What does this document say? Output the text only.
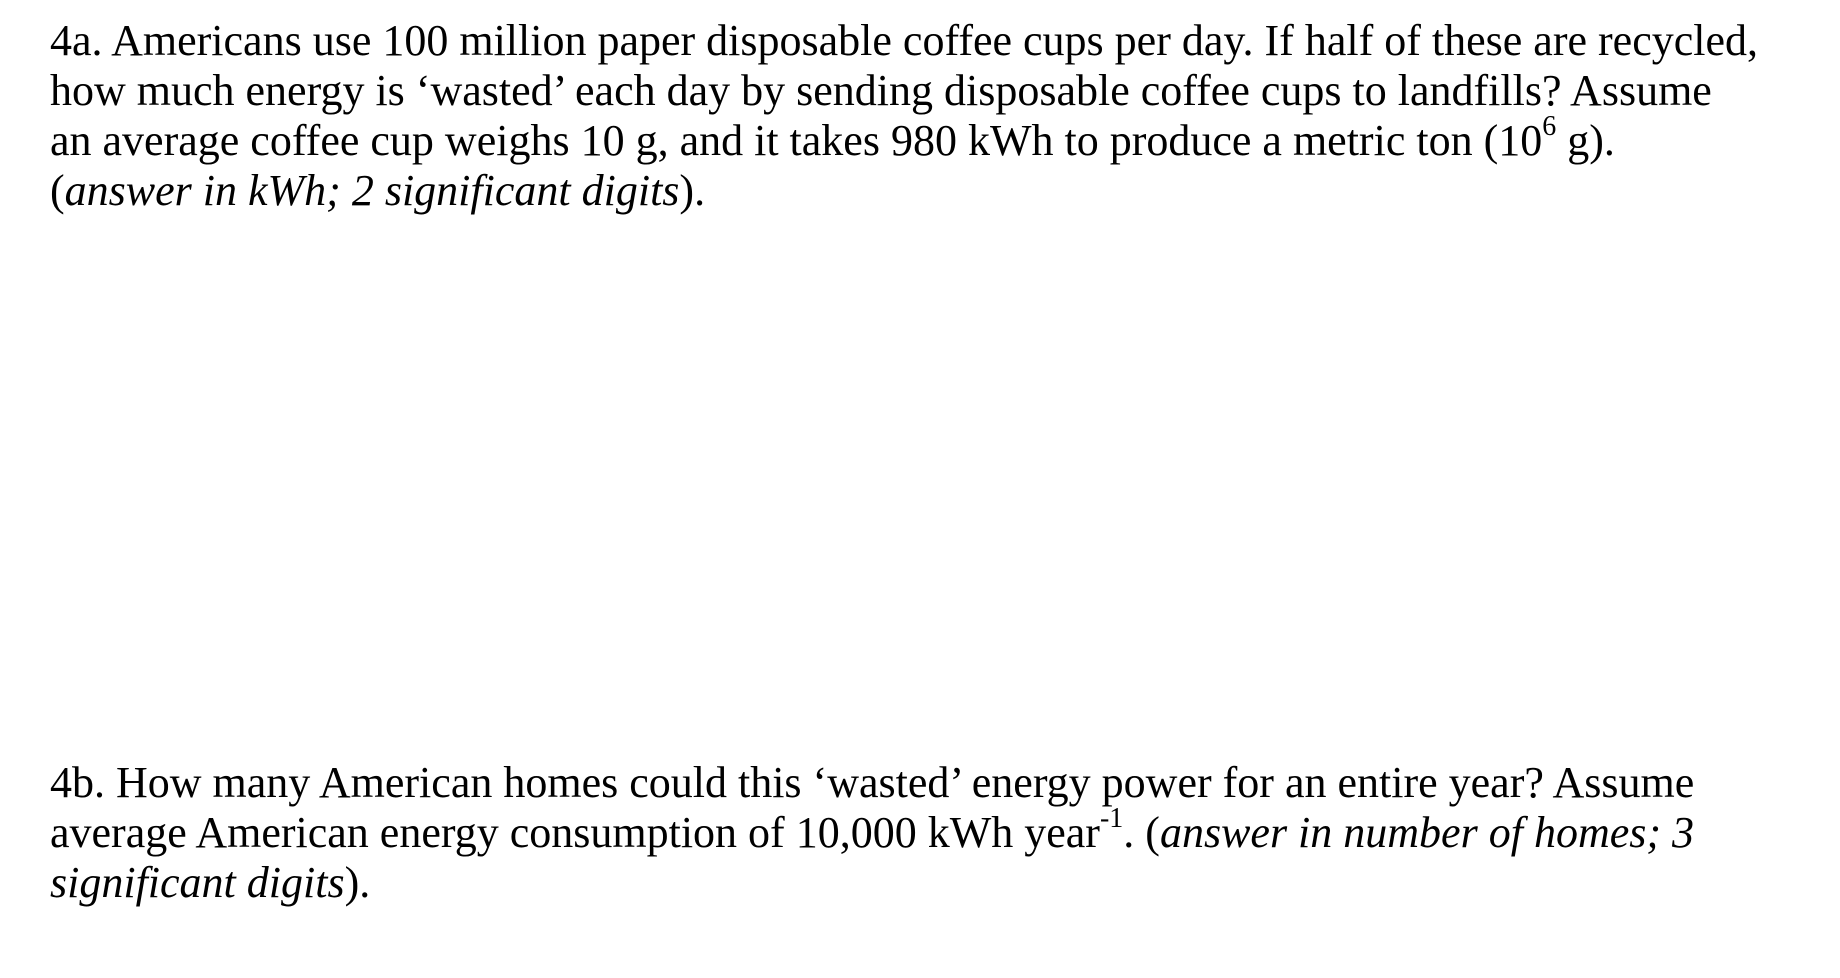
4a. Americans use 100 million paper disposable coffee cups per day. If half of these are recycled,
how much energy is ‘wasted’ each day by sending disposable coffee cups to landfills? Assume
an average coffee cup weighs 10 g, and it takes 980 kWh to produce a metric ton ($10^6$ g).
(answer in kWh; 2 significant digits).
4b. How many American homes could this ‘wasted’ energy power for an entire year? Assume
average American energy consumption of 10,000 kWh year$^{-1}$. (answer in number of homes; 3
significant digits).
